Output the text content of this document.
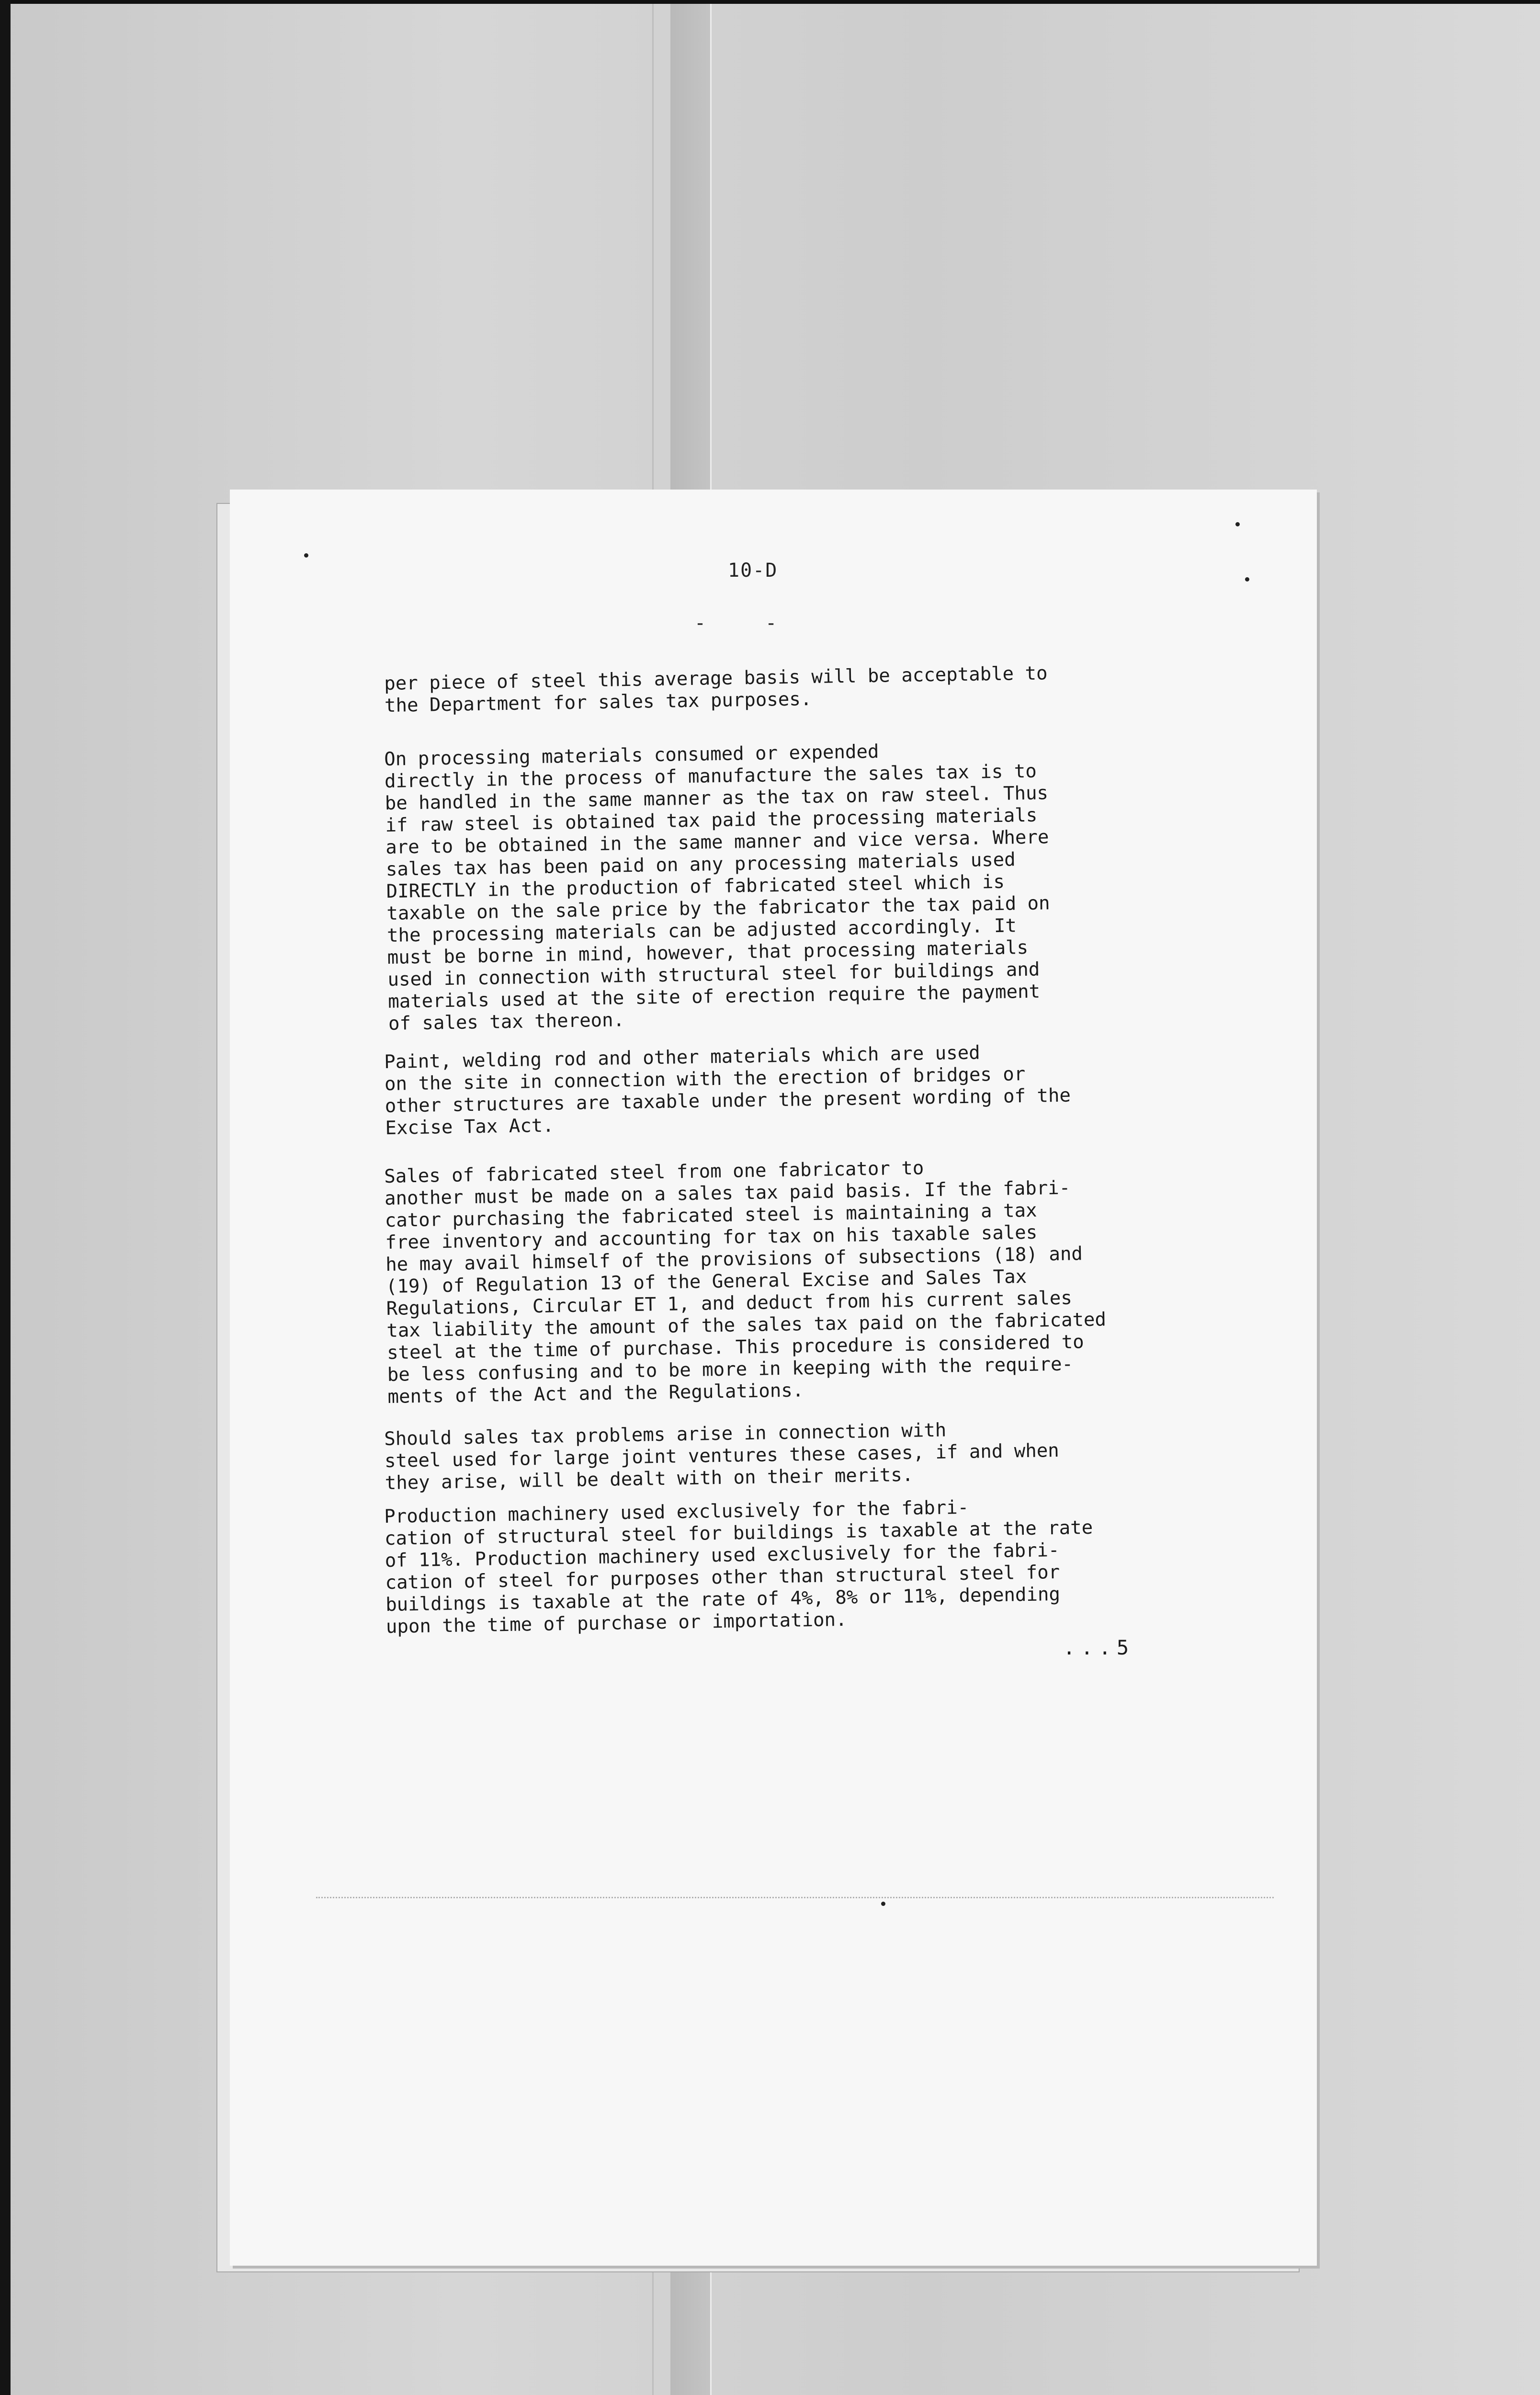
10-D
- -

per piece of steel this average basis will be acceptable to
the Department for sales tax purposes.

On processing materials consumed or expended
directly in the process of manufacture the sales tax is to
be handled in the same manner as the tax on raw steel. Thus
if raw steel is obtained tax paid the processing materials
are to be obtained in the same manner and vice versa. Where
sales tax has been paid on any processing materials used
DIRECTLY in the production of fabricated steel which is
taxable on the sale price by the fabricator the tax paid on
the processing materials can be adjusted accordingly. It
must be borne in mind, however, that processing materials
used in connection with structural steel for buildings and
materials used at the site of erection require the payment
of sales tax thereon.

Paint, welding rod and other materials which are used
on the site in connection with the erection of bridges or
other structures are taxable under the present wording of the
Excise Tax Act.

Sales of fabricated steel from one fabricator to
another must be made on a sales tax paid basis. If the fabri-
cator purchasing the fabricated steel is maintaining a tax
free inventory and accounting for tax on his taxable sales
he may avail himself of the provisions of subsections (18) and
(19) of Regulation 13 of the General Excise and Sales Tax
Regulations, Circular ET 1, and deduct from his current sales
tax liability the amount of the sales tax paid on the fabricated
steel at the time of purchase. This procedure is considered to
be less confusing and to be more in keeping with the require-
ments of the Act and the Regulations.

Should sales tax problems arise in connection with
steel used for large joint ventures these cases, if and when
they arise, will be dealt with on their merits.

Production machinery used exclusively for the fabri-
cation of structural steel for buildings is taxable at the rate
of 11%. Production machinery used exclusively for the fabri-
cation of steel for purposes other than structural steel for
buildings is taxable at the rate of 4%, 8% or 11%, depending
upon the time of purchase or importation.

...5
